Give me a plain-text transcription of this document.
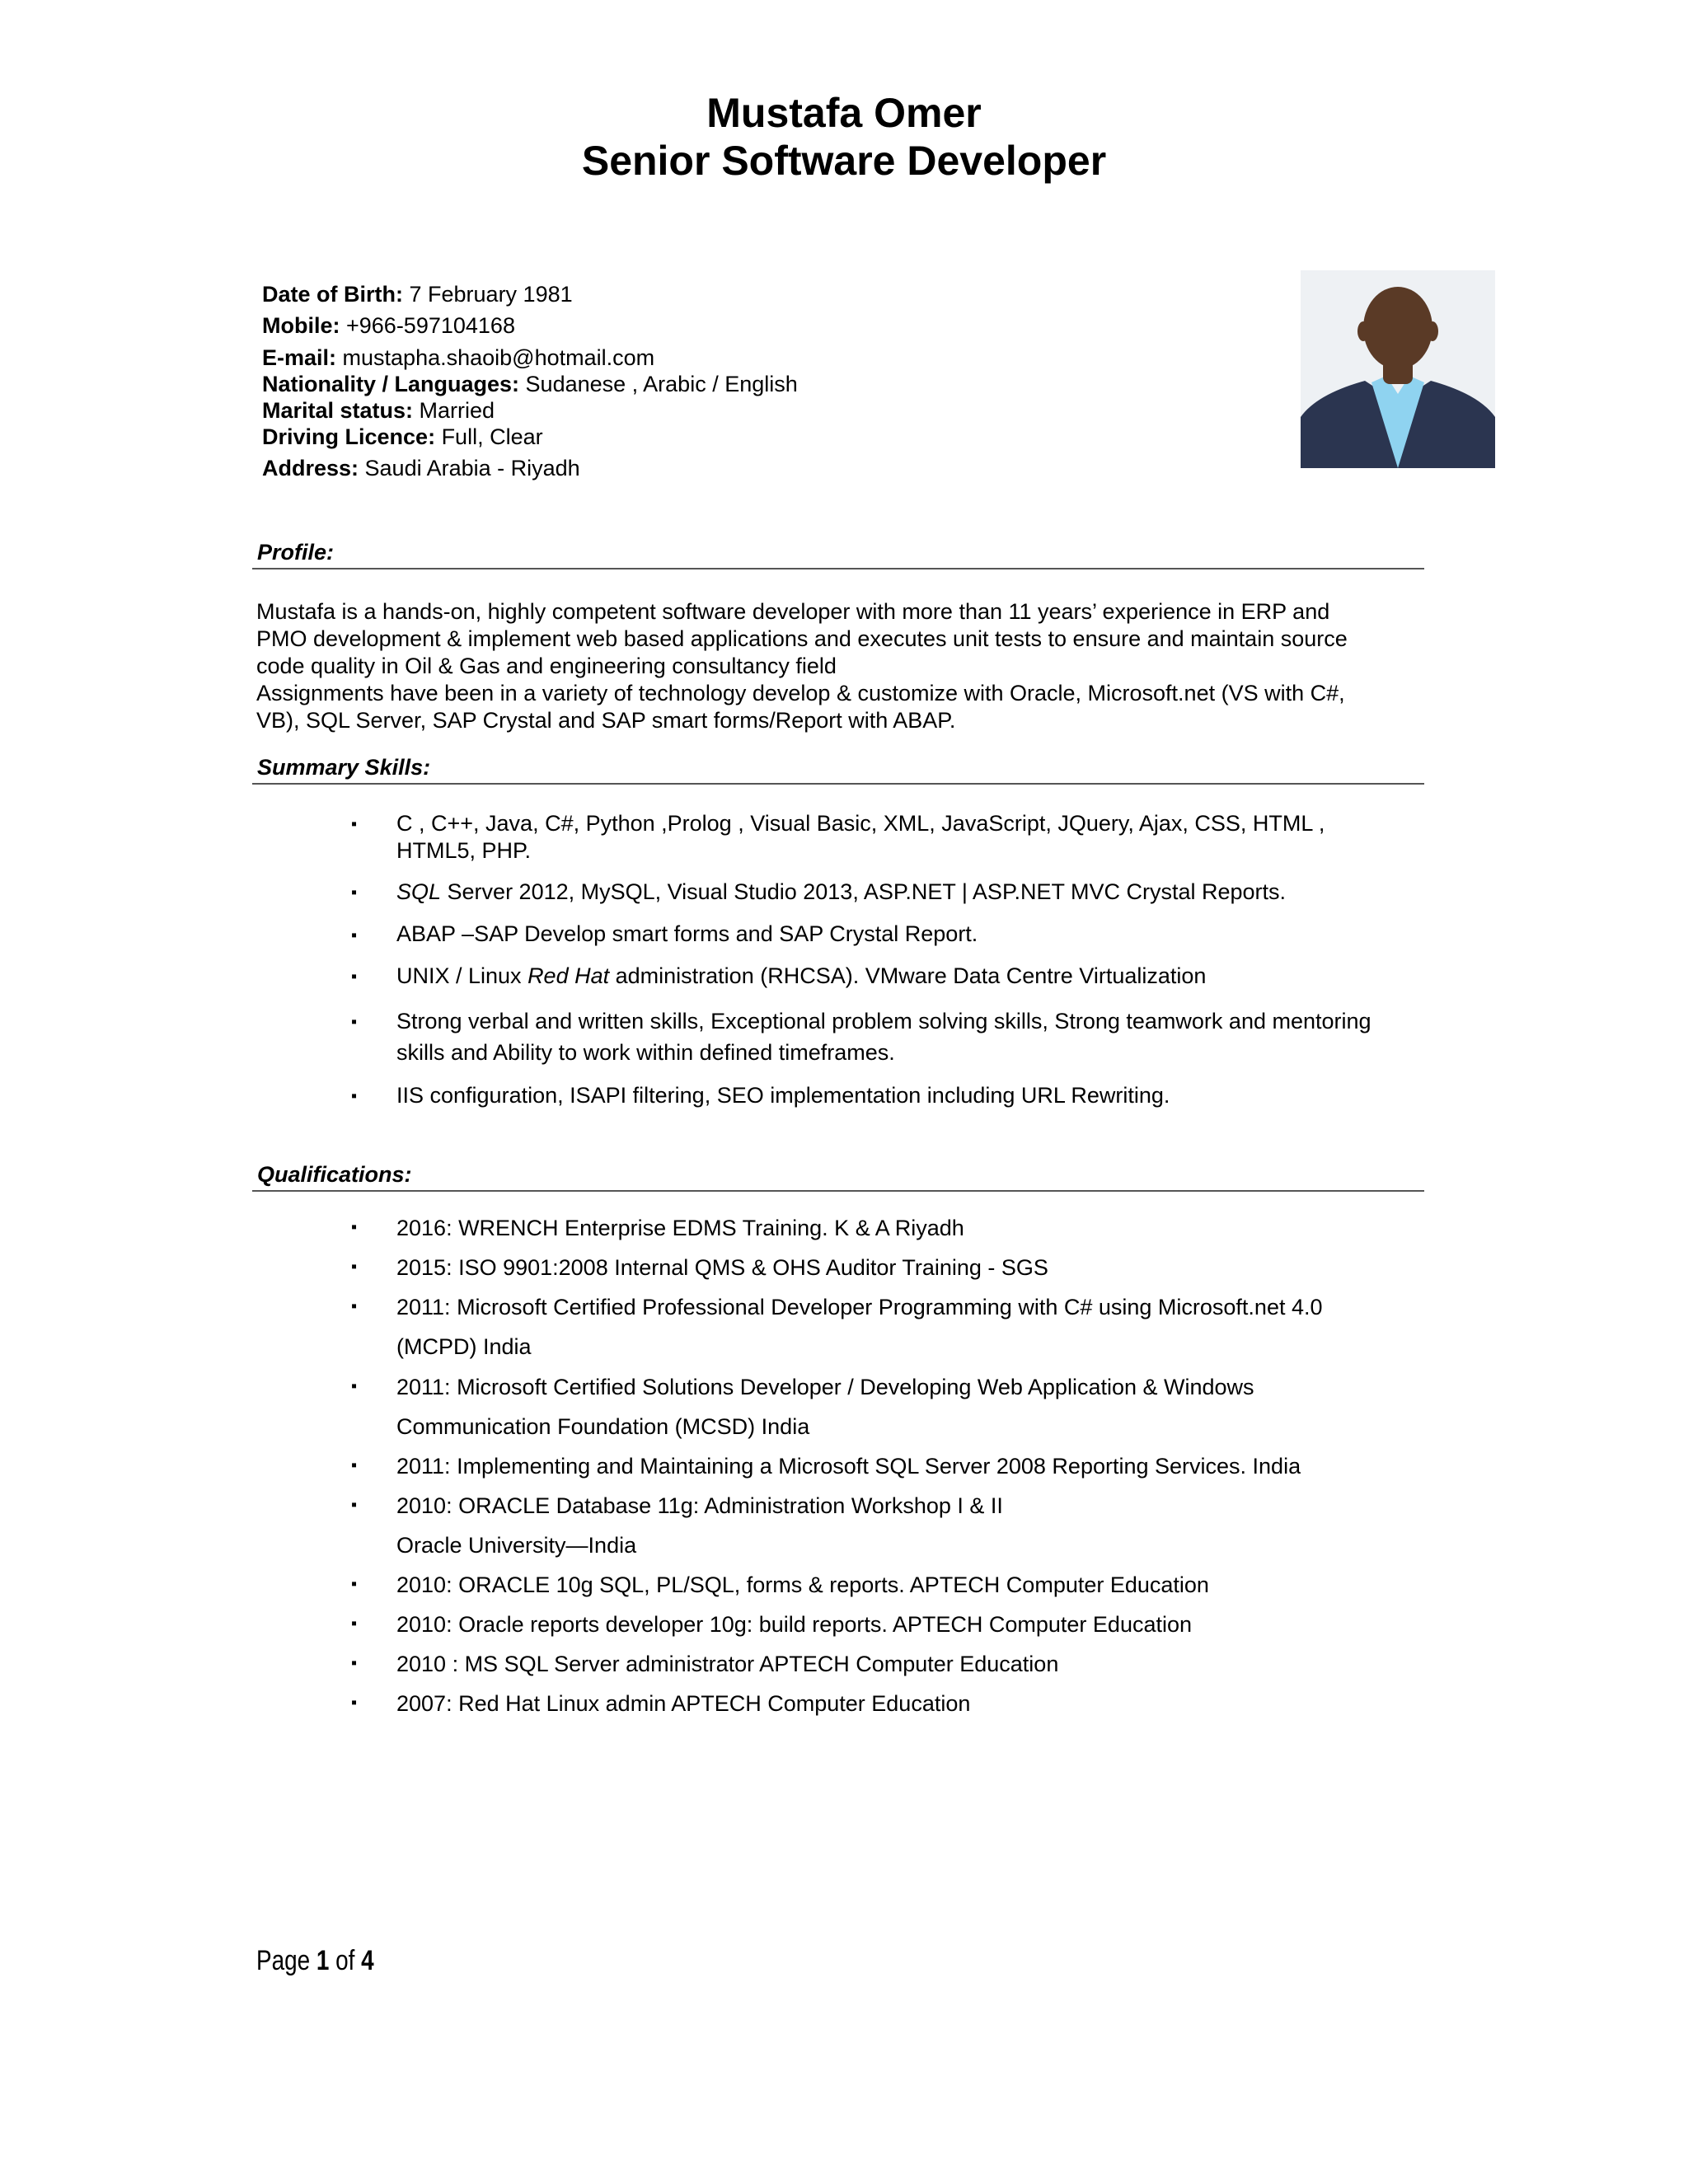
Mustafa Omer
Senior Software Developer
Date of Birth: 7 February 1981
Mobile: +966-597104168
E-mail: mustapha.shaoib@hotmail.com
Nationality / Languages: Sudanese , Arabic / English
Marital status: Married
Driving Licence: Full, Clear
Address: Saudi Arabia - Riyadh
Profile:

Mustafa is a hands-on, highly competent software developer with more than 11 years’ experience in ERP and

PMO development & implement web based applications and executes unit tests to ensure and maintain source

code quality in Oil & Gas and engineering consultancy field

Assignments have been in a variety of technology develop & customize with Oracle, Microsoft.net (VS with C#,

VB), SQL Server, SAP Crystal and SAP smart forms/Report with ABAP.

Summary Skills:
▪	C , C++, Java, C#, Python ,Prolog , Visual Basic, XML, JavaScript, JQuery, Ajax, CSS, HTML ,
HTML5, PHP.
▪	SQL Server 2012, MySQL, Visual Studio 2013, ASP.NET | ASP.NET MVC Crystal Reports.
▪	ABAP –SAP Develop smart forms and SAP Crystal Report.
▪	UNIX / Linux Red Hat administration (RHCSA). VMware Data Centre Virtualization
▪	Strong verbal and written skills, Exceptional problem solving skills, Strong teamwork and mentoring
skills and Ability to work within defined timeframes.
▪	IIS configuration, ISAPI filtering, SEO implementation including URL Rewriting.
Qualifications:
▪	2016: WRENCH Enterprise EDMS Training. K & A Riyadh
▪	2015: ISO 9901:2008 Internal QMS & OHS Auditor Training - SGS
▪	2011: Microsoft Certified Professional Developer Programming with C# using Microsoft.net 4.0
(MCPD) India
▪	2011: Microsoft Certified Solutions Developer / Developing Web Application & Windows
Communication Foundation (MCSD) India
▪	2011: Implementing and Maintaining a Microsoft SQL Server 2008 Reporting Services. India
▪	2010: ORACLE Database 11g: Administration Workshop I & II
Oracle University—India
▪	2010: ORACLE 10g SQL, PL/SQL, forms & reports. APTECH Computer Education
▪	2010: Oracle reports developer 10g: build reports. APTECH Computer Education
▪	2010 : MS SQL Server administrator APTECH Computer Education
▪	2007: Red Hat Linux admin APTECH Computer Education
Page 1 of 4
